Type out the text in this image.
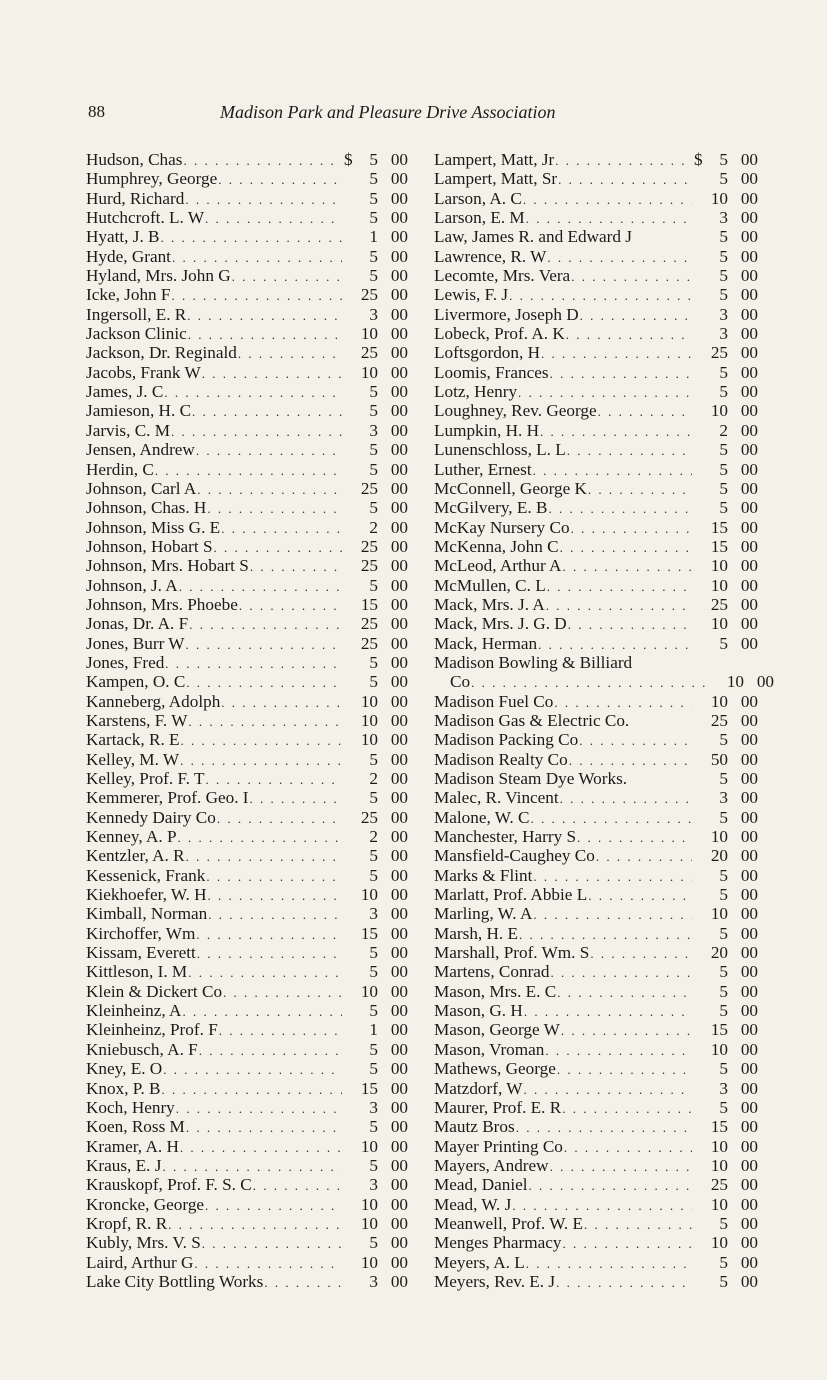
88	Madison Park and Pleasure Drive Association
Hudson, Chas . . .	$ 5 00
Humphrey, George . . .	5 00
Hurd, Richard . . .	5 00
Hutchcroft. L. W . . .	5 00
Hyatt, J. B . . .	1 00
Hyde, Grant . . .	5 00
Hyland, Mrs. John G . . .	5 00
Icke, John F . . .	25 00
Ingersoll, E. R . . .	3 00
Jackson Clinic . . .	10 00
Jackson, Dr. Reginald . . .	25 00
Jacobs, Frank W . . .	10 00
James, J. C . . .	5 00
Jamieson, H. C . . .	5 00
Jarvis, C. M . . .	3 00
Jensen, Andrew . . .	5 00
Herdin, C . . .	5 00
Johnson, Carl A . . .	25 00
Johnson, Chas. H . . .	5 00
Johnson, Miss G. E . . .	2 00
Johnson, Hobart S . . .	25 00
Johnson, Mrs. Hobart S . . .	25 00
Johnson, J. A . . .	5 00
Johnson, Mrs. Phoebe . . .	15 00
Jonas, Dr. A. F . . .	25 00
Jones, Burr W . . .	25 00
Jones, Fred . . .	5 00
Kampen, O. C . . .	5 00
Kanneberg, Adolph . . .	10 00
Karstens, F. W . . .	10 00
Kartack, R. E . . .	10 00
Kelley, M. W . . .	5 00
Kelley, Prof. F. T . . .	2 00
Kemmerer, Prof. Geo. I . . .	5 00
Kennedy Dairy Co . . .	25 00
Kenney, A. P . . .	2 00
Kentzler, A. R . . .	5 00
Kessenick, Frank . . .	5 00
Kiekhoefer, W. H . . .	10 00
Kimball, Norman . . .	3 00
Kirchoffer, Wm . . .	15 00
Kissam, Everett . . .	5 00
Kittleson, I. M . . .	5 00
Klein & Dickert Co . . .	10 00
Kleinheinz, A . . .	5 00
Kleinheinz, Prof. F . . .	1 00
Kniebusch, A. F . . .	5 00
Kney, E. O . . .	5 00
Knox, P. B . . .	15 00
Koch, Henry . . .	3 00
Koen, Ross M . . .	5 00
Kramer, A. H . . .	10 00
Kraus, E. J . . .	5 00
Krauskopf, Prof. F. S. C . . .	3 00
Kroncke, George . . .	10 00
Kropf, R. R . . .	10 00
Kubly, Mrs. V. S . . .	5 00
Laird, Arthur G . . .	10 00
Lake City Bottling Works . . .	3 00
Lampert, Matt, Jr . . .	$ 5 00
Lampert, Matt, Sr . . .	5 00
Larson, A. C . . .	10 00
Larson, E. M . . .	3 00
Law, James R. and Edward J	5 00
Lawrence, R. W . . .	5 00
Lecomte, Mrs. Vera . . .	5 00
Lewis, F. J . . .	5 00
Livermore, Joseph D . . .	3 00
Lobeck, Prof. A. K . . .	3 00
Loftsgordon, H . . .	25 00
Loomis, Frances . . .	5 00
Lotz, Henry . . .	5 00
Loughney, Rev. George . . .	10 00
Lumpkin, H. H . . .	2 00
Lunenschloss, L. L . . .	5 00
Luther, Ernest . . .	5 00
McConnell, George K . . .	5 00
McGilvery, E. B . . .	5 00
McKay Nursery Co . . .	15 00
McKenna, John C . . .	15 00
McLeod, Arthur A . . .	10 00
McMullen, C. L . . .	10 00
Mack, Mrs. J. A . . .	25 00
Mack, Mrs. J. G. D . . .	10 00
Mack, Herman . . .	5 00
Madison Bowling & Billiard
Co . . .	10 00
Madison Fuel Co . . .	10 00
Madison Gas & Electric Co.	25 00
Madison Packing Co . . .	5 00
Madison Realty Co . . .	50 00
Madison Steam Dye Works.	5 00
Malec, R. Vincent . . .	3 00
Malone, W. C . . .	5 00
Manchester, Harry S . . .	10 00
Mansfield-Caughey Co . . .	20 00
Marks & Flint . . .	5 00
Marlatt, Prof. Abbie L . . .	5 00
Marling, W. A . . .	10 00
Marsh, H. E . . .	5 00
Marshall, Prof. Wm. S . . .	20 00
Martens, Conrad . . .	5 00
Mason, Mrs. E. C . . .	5 00
Mason, G. H . . .	5 00
Mason, George W . . .	15 00
Mason, Vroman . . .	10 00
Mathews, George . . .	5 00
Matzdorf, W . . .	3 00
Maurer, Prof. E. R . . .	5 00
Mautz Bros . . .	15 00
Mayer Printing Co . . .	10 00
Mayers, Andrew . . .	10 00
Mead, Daniel . . .	25 00
Mead, W. J . . .	10 00
Meanwell, Prof. W. E . . .	5 00
Menges Pharmacy . . .	10 00
Meyers, A. L . . .	5 00
Meyers, Rev. E. J . . .	5 00
